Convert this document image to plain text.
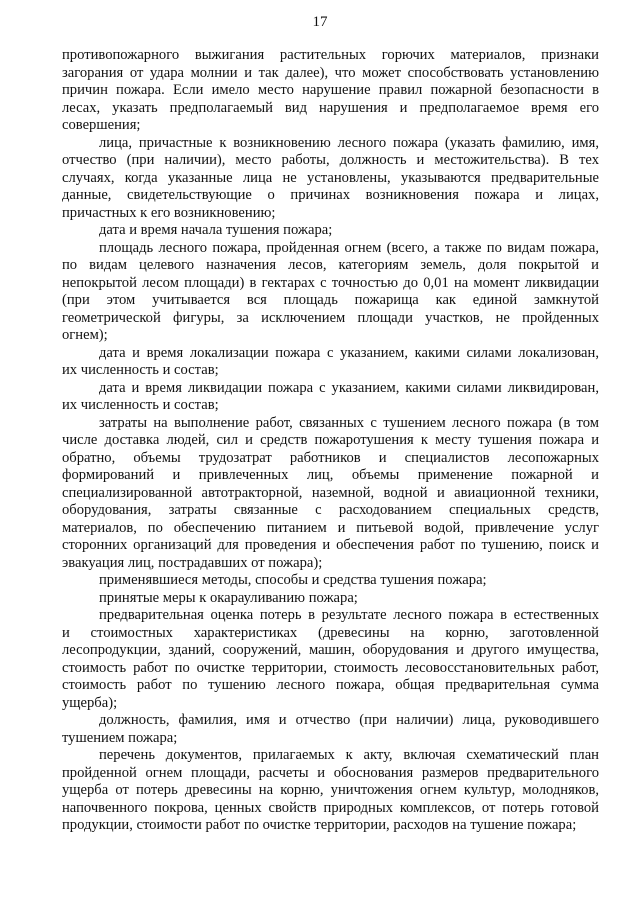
17
противопожарного выжигания растительных горючих материалов, признаки
загорания от удара молнии и так далее), что может способствовать установлению
причин пожара. Если имело место нарушение правил пожарной безопасности в
лесах, указать предполагаемый вид нарушения и предполагаемое время его
совершения;
лица, причастные к возникновению лесного пожара (указать фамилию, имя,
отчество (при наличии), место работы, должность и местожительства). В тех
случаях, когда указанные лица не установлены, указываются предварительные
данные, свидетельствующие о причинах возникновения пожара и лицах,
причастных к его возникновению;
дата и время начала тушения пожара;
площадь лесного пожара, пройденная огнем (всего, а также по видам пожара,
по видам целевого назначения лесов, категориям земель, доля покрытой и
непокрытой лесом площади) в гектарах с точностью до 0,01 на момент ликвидации
(при этом учитывается вся площадь пожарища как единой замкнутой
геометрической фигуры, за исключением площади участков, не пройденных
огнем);
дата и время локализации пожара с указанием, какими силами локализован,
их численность и состав;
дата и время ликвидации пожара с указанием, какими силами ликвидирован,
их численность и состав;
затраты на выполнение работ, связанных с тушением лесного пожара (в том
числе доставка людей, сил и средств пожаротушения к месту тушения пожара и
обратно, объемы трудозатрат работников и специалистов лесопожарных
формирований и привлеченных лиц, объемы применение пожарной и
специализированной автотракторной, наземной, водной и авиационной техники,
оборудования, затраты связанные с расходованием специальных средств,
материалов, по обеспечению питанием и питьевой водой, привлечение услуг
сторонних организаций для проведения и обеспечения работ по тушению, поиск и
эвакуация лиц, пострадавших от пожара);
применявшиеся методы, способы и средства тушения пожара;
принятые меры к окарауливанию пожара;
предварительная оценка потерь в результате лесного пожара в естественных
и стоимостных характеристиках (древесины на корню, заготовленной
лесопродукции, зданий, сооружений, машин, оборудования и другого имущества,
стоимость работ по очистке территории, стоимость лесовосстановительных работ,
стоимость работ по тушению лесного пожара, общая предварительная сумма
ущерба);
должность, фамилия, имя и отчество (при наличии) лица, руководившего
тушением пожара;
перечень документов, прилагаемых к акту, включая схематический план
пройденной огнем площади, расчеты и обоснования размеров предварительного
ущерба от потерь древесины на корню, уничтожения огнем культур, молодняков,
напочвенного покрова, ценных свойств природных комплексов, от потерь готовой
продукции, стоимости работ по очистке территории, расходов на тушение пожара;
